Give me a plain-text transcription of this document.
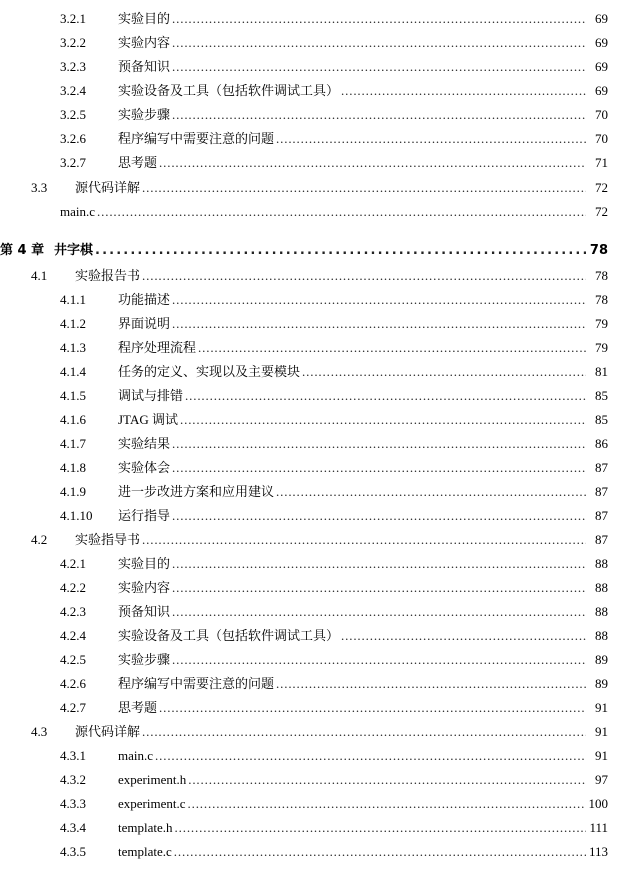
3.2.1	实验目的 . . .	69
3.2.2	实验内容 . . .	69
3.2.3	预备知识 . . .	69
3.2.4	实验设备及工具（包括软件调试工具） . . .	69
3.2.5	实验步骤 . . .	70
3.2.6	程序编写中需要注意的问题 . . .	70
3.2.7	思考题 . . .	71
3.3	源代码详解 . . .	72
main.c . . .	72
第 4 章 井字棋 . . .	78
4.1	实验报告书 . . .	78
4.1.1	功能描述 . . .	78
4.1.2	界面说明 . . .	79
4.1.3	程序处理流程 . . .	79
4.1.4	任务的定义、实现以及主要模块 . . .	81
4.1.5	调试与排错 . . .	85
4.1.6	JTAG 调试 . . .	85
4.1.7	实验结果 . . .	86
4.1.8	实验体会 . . .	87
4.1.9	进一步改进方案和应用建议 . . .	87
4.1.10	运行指导 . . .	87
4.2	实验指导书 . . .	87
4.2.1	实验目的 . . .	88
4.2.2	实验内容 . . .	88
4.2.3	预备知识 . . .	88
4.2.4	实验设备及工具（包括软件调试工具） . . .	88
4.2.5	实验步骤 . . .	89
4.2.6	程序编写中需要注意的问题 . . .	89
4.2.7	思考题 . . .	91
4.3	源代码详解 . . .	91
4.3.1	main.c . . .	91
4.3.2	experiment.h . . .	97
4.3.3	experiment.c . . .	100
4.3.4	template.h . . .	111
4.3.5	template.c . . .	113
